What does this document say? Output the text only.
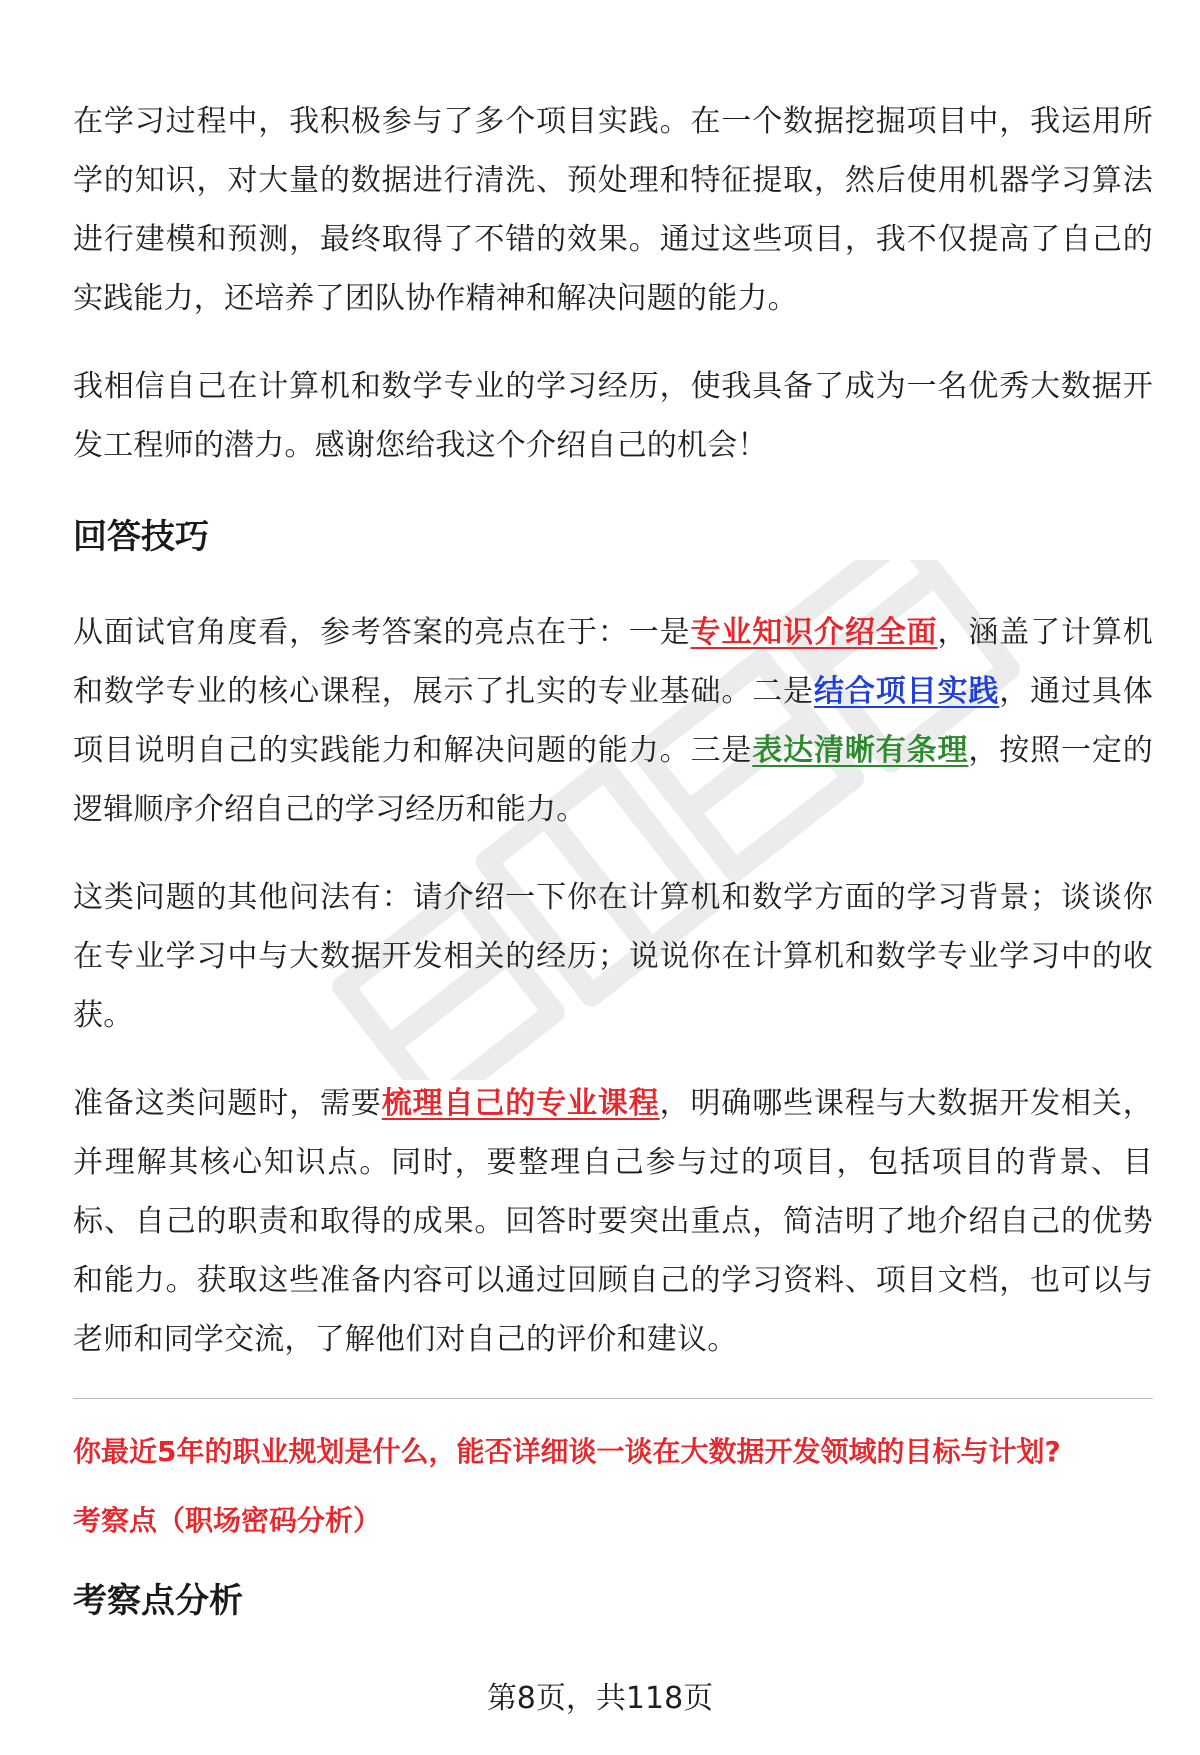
在学习过程中，我积极参与了多个项目实践。在一个数据挖掘项目中，我运用所学的知识，对大量的数据进行清洗、预处理和特征提取，然后使用机器学习算法进行建模和预测，最终取得了不错的效果。通过这些项目，我不仅提高了自己的实践能力，还培养了团队协作精神和解决问题的能力。

我相信自己在计算机和数学专业的学习经历，使我具备了成为一名优秀大数据开发工程师的潜力。感谢您给我这个介绍自己的机会！

回答技巧

从面试官角度看，参考答案的亮点在于：一是专业知识介绍全面，涵盖了计算机和数学专业的核心课程，展示了扎实的专业基础。二是结合项目实践，通过具体项目说明自己的实践能力和解决问题的能力。三是表达清晰有条理，按照一定的逻辑顺序介绍自己的学习经历和能力。

这类问题的其他问法有：请介绍一下你在计算机和数学方面的学习背景；谈谈你在专业学习中与大数据开发相关的经历；说说你在计算机和数学专业学习中的收获。

准备这类问题时，需要梳理自己的专业课程，明确哪些课程与大数据开发相关，并理解其核心知识点。同时，要整理自己参与过的项目，包括项目的背景、目标、自己的职责和取得的成果。回答时要突出重点，简洁明了地介绍自己的优势和能力。获取这些准备内容可以通过回顾自己的学习资料、项目文档，也可以与老师和同学交流，了解他们对自己的评价和建议。

你最近5年的职业规划是什么，能否详细谈一谈在大数据开发领域的目标与计划?
考察点（职场密码分析）
考察点分析
第8页，共118页
